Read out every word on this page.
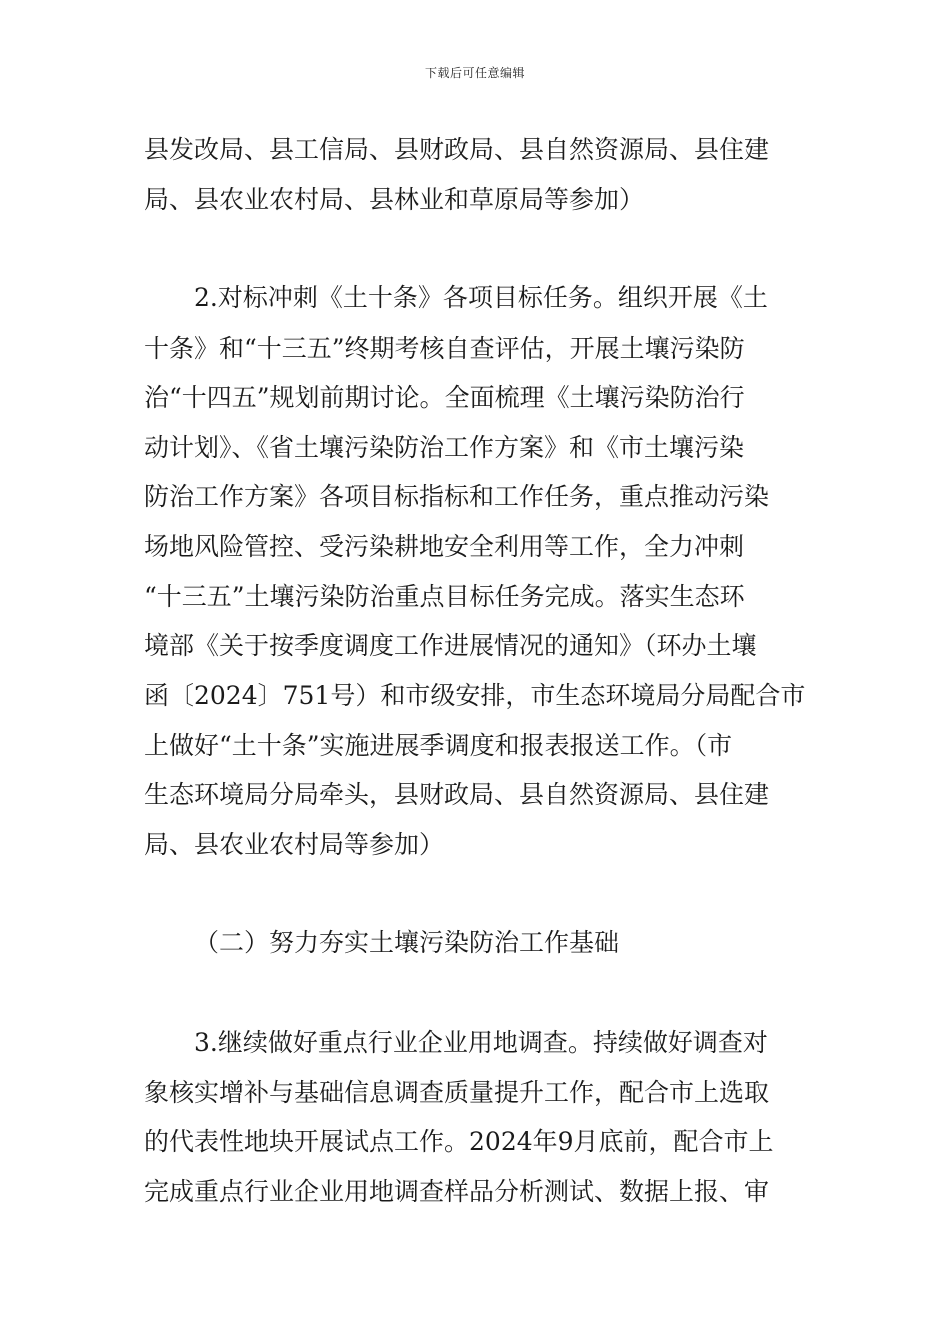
下载后可任意编辑
县发改局、县工信局、县财政局、县自然资源局、县住建
局、县农业农村局、县林业和草原局等参加）
2.对标冲刺《土十条》各项目标任务。组织开展《土
十条》和“十三五”终期考核自查评估，开展土壤污染防
治“十四五”规划前期讨论。全面梳理《土壤污染防治行
动计划》、《省土壤污染防治工作方案》和《市土壤污染
防治工作方案》各项目标指标和工作任务，重点推动污染
场地风险管控、受污染耕地安全利用等工作，全力冲刺
“十三五”土壤污染防治重点目标任务完成。落实生态环
境部《关于按季度调度工作进展情况的通知》（环办土壤
函〔2024〕751号）和市级安排，市生态环境局分局配合市
上做好“土十条”实施进展季调度和报表报送工作。（市
生态环境局分局牵头，县财政局、县自然资源局、县住建
局、县农业农村局等参加）
（二）努力夯实土壤污染防治工作基础
3.继续做好重点行业企业用地调查。持续做好调查对
象核实增补与基础信息调查质量提升工作，配合市上选取
的代表性地块开展试点工作。2024年9月底前，配合市上
完成重点行业企业用地调查样品分析测试、数据上报、审
